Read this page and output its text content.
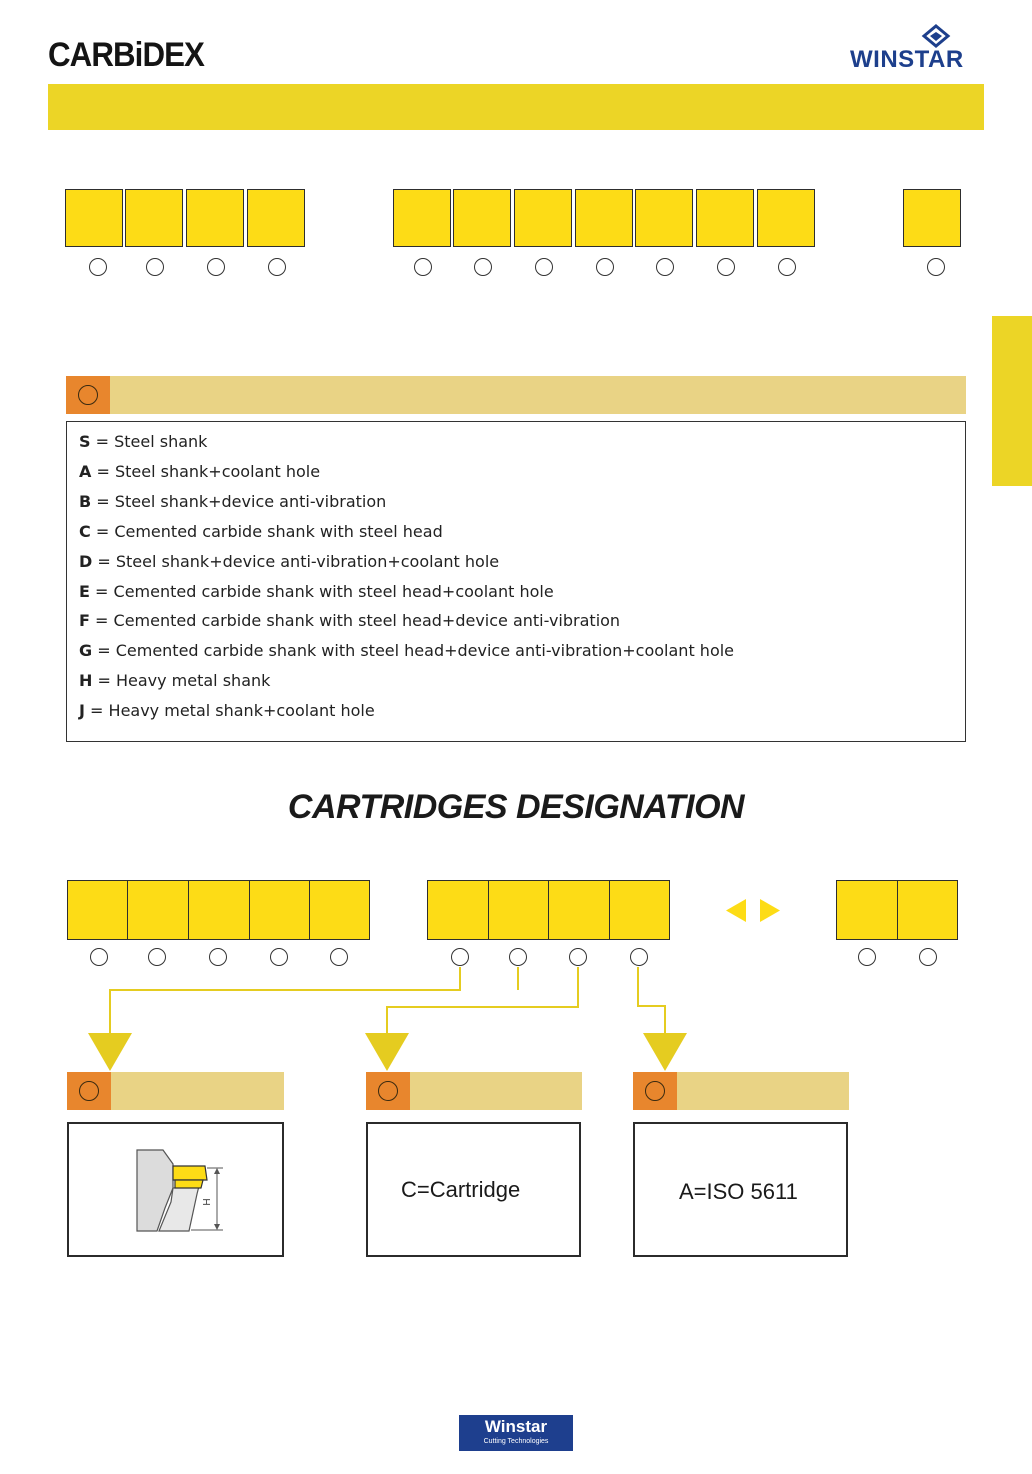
CARBiDEX	WINSTAR
S = Steel shank
A = Steel shank+coolant hole
B = Steel shank+device anti-vibration
C = Cemented carbide shank with steel head
D = Steel shank+device anti-vibration+coolant hole
E = Cemented carbide shank with steel head+coolant hole
F = Cemented carbide shank with steel head+device anti-vibration
G = Cemented carbide shank with steel head+device anti-vibration+coolant hole
H = Heavy metal shank
J = Heavy metal shank+coolant hole
CARTRIDGES DESIGNATION
H	C=Cartridge	A=ISO 5611
Winstar
Cutting Technologies
